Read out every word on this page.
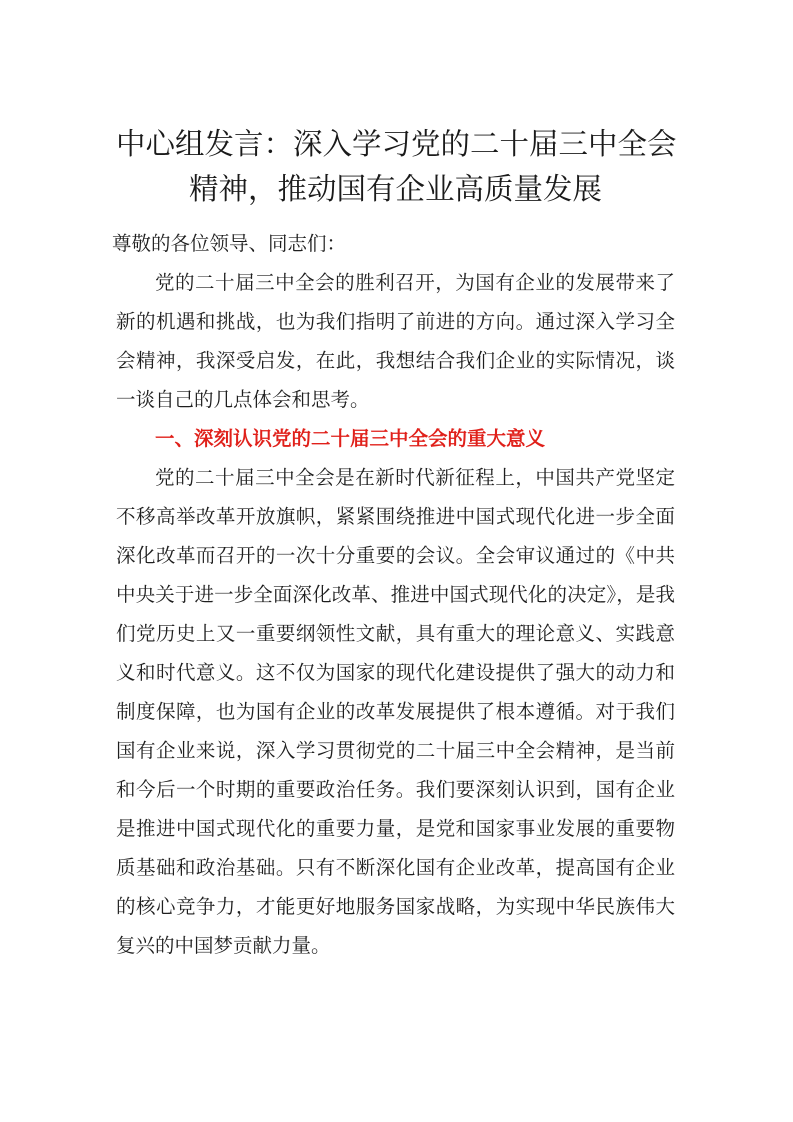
中心组发言：深入学习党的二十届三中全会
精神，推动国有企业高质量发展

尊敬的各位领导、同志们：

党的二十届三中全会的胜利召开，为国有企业的发展带来了新的机遇和挑战，也为我们指明了前进的方向。通过深入学习全会精神，我深受启发，在此，我想结合我们企业的实际情况，谈一谈自己的几点体会和思考。

一、深刻认识党的二十届三中全会的重大意义

党的二十届三中全会是在新时代新征程上，中国共产党坚定不移高举改革开放旗帜，紧紧围绕推进中国式现代化进一步全面深化改革而召开的一次十分重要的会议。全会审议通过的《中共中央关于进一步全面深化改革、推进中国式现代化的决定》，是我们党历史上又一重要纲领性文献，具有重大的理论意义、实践意义和时代意义。这不仅为国家的现代化建设提供了强大的动力和制度保障，也为国有企业的改革发展提供了根本遵循。对于我们国有企业来说，深入学习贯彻党的二十届三中全会精神，是当前和今后一个时期的重要政治任务。我们要深刻认识到，国有企业是推进中国式现代化的重要力量，是党和国家事业发展的重要物质基础和政治基础。只有不断深化国有企业改革，提高国有企业的核心竞争力，才能更好地服务国家战略，为实现中华民族伟大复兴的中国梦贡献力量。
